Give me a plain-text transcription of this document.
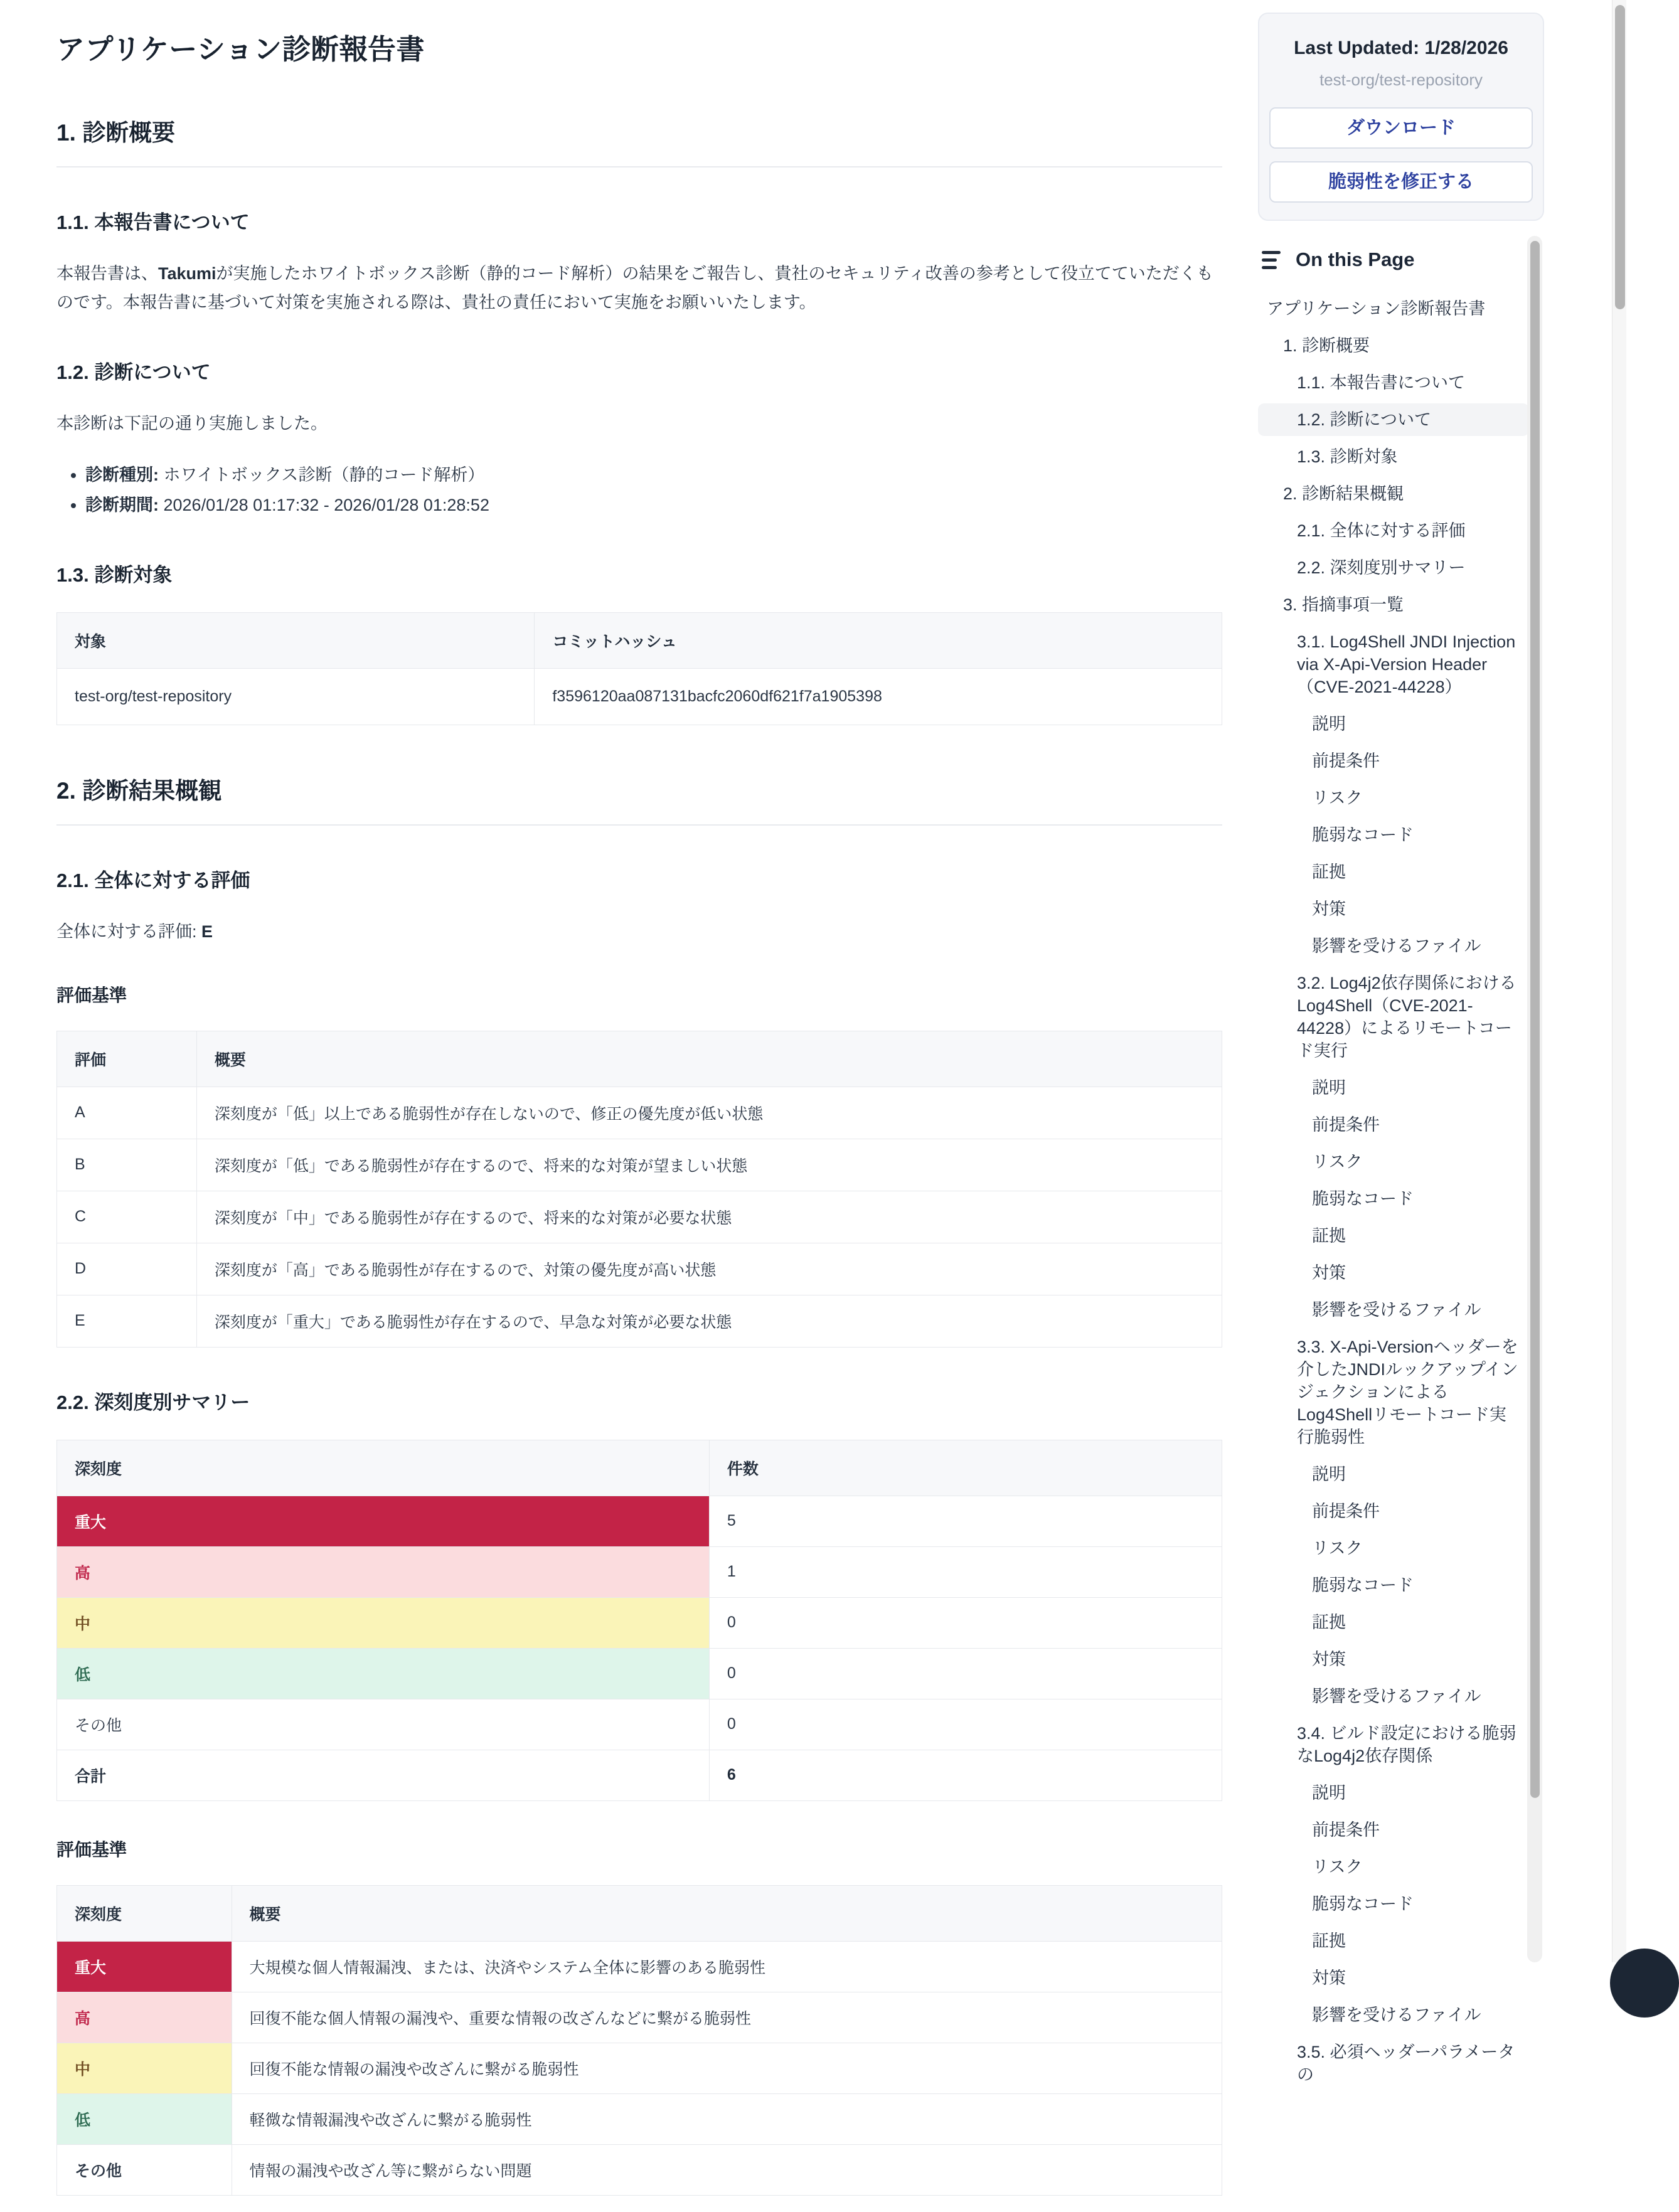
アプリケーション診断報告書
1. 診断概要
1.1. 本報告書について

本報告書は、Takumiが実施したホワイトボックス診断（静的コード解析）の結果をご報告し、貴社のセキュリティ改善の参考として役立てていただくものです。本報告書に基づいて対策を実施される際は、貴社の責任において実施をお願いいたします。

1.2. 診断について

本診断は下記の通り実施しました。

• 診断種別: ホワイトボックス診断（静的コード解析）
• 診断期間: 2026/01/28 01:17:32 - 2026/01/28 01:28:52
1.3. 診断対象
対象	コミットハッシュ
test-org/test-repository	f3596120aa087131bacfc2060df621f7a1905398
2. 診断結果概観
2.1. 全体に対する評価

全体に対する評価: E

評価基準
評価	概要
A	深刻度が「低」以上である脆弱性が存在しないので、修正の優先度が低い状態
B	深刻度が「低」である脆弱性が存在するので、将来的な対策が望ましい状態
C	深刻度が「中」である脆弱性が存在するので、将来的な対策が必要な状態
D	深刻度が「高」である脆弱性が存在するので、対策の優先度が高い状態
E	深刻度が「重大」である脆弱性が存在するので、早急な対策が必要な状態
2.2. 深刻度別サマリー
深刻度	件数
重大	5
高	1
中	0
低	0
その他	0
合計	6
評価基準
深刻度	概要
重大	大規模な個人情報漏洩、または、決済やシステム全体に影響のある脆弱性
高	回復不能な個人情報の漏洩や、重要な情報の改ざんなどに繋がる脆弱性
中	回復不能な情報の漏洩や改ざんに繋がる脆弱性
低	軽微な情報漏洩や改ざんに繋がる脆弱性
その他	情報の漏洩や改ざん等に繋がらない問題
Last Updated: 1/28/2026
test-org/test-repository
ダウンロード
脆弱性を修正する
On this Page
アプリケーション診断報告書
1. 診断概要
1.1. 本報告書について
1.2. 診断について
1.3. 診断対象
2. 診断結果概観
2.1. 全体に対する評価
2.2. 深刻度別サマリー
3. 指摘事項一覧
3.1. Log4Shell JNDI Injection via X-Api-Version Header（CVE-2021-44228）
説明
前提条件
リスク
脆弱なコード
証拠
対策
影響を受けるファイル
3.2. Log4j2依存関係におけるLog4Shell（CVE-2021-44228）によるリモートコード実行
説明
前提条件
リスク
脆弱なコード
証拠
対策
影響を受けるファイル
3.3. X-Api-Versionヘッダーを介したJNDIルックアップインジェクションによるLog4Shellリモートコード実行脆弱性
説明
前提条件
リスク
脆弱なコード
証拠
対策
影響を受けるファイル
3.4. ビルド設定における脆弱なLog4j2依存関係
説明
前提条件
リスク
脆弱なコード
証拠
対策
影響を受けるファイル
3.5. 必須ヘッダーパラメータの
